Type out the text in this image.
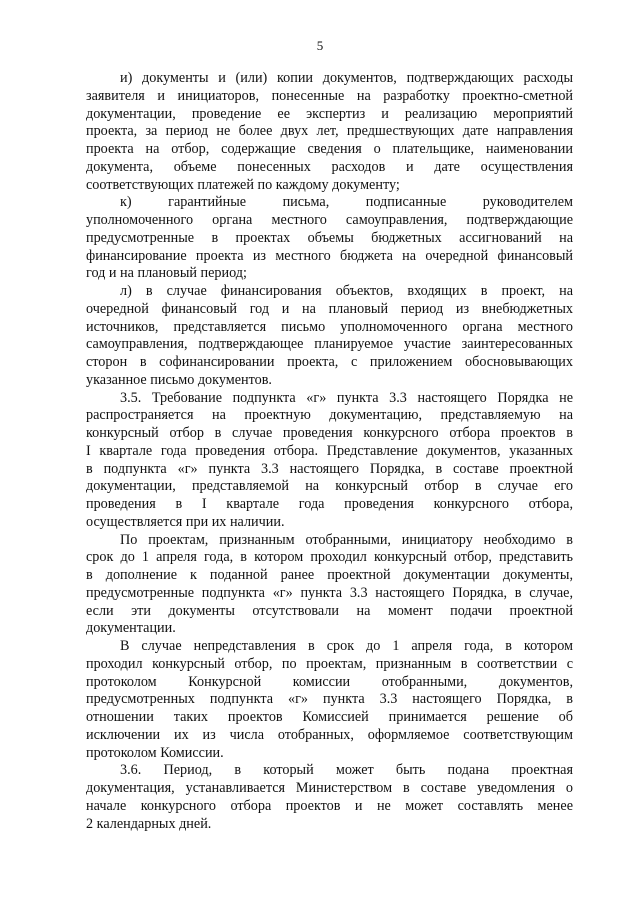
5
и) документы и (или) копии документов, подтверждающих расходы
заявителя и инициаторов, понесенные на разработку проектно-сметной
документации, проведение ее экспертиз и реализацию мероприятий
проекта, за период не более двух лет, предшествующих дате направления
проекта на отбор, содержащие сведения о плательщике, наименовании
документа, объеме понесенных расходов и дате осуществления
соответствующих платежей по каждому документу;
к) гарантийные письма, подписанные руководителем
уполномоченного органа местного самоуправления, подтверждающие
предусмотренные в проектах объемы бюджетных ассигнований на
финансирование проекта из местного бюджета на очередной финансовый
год и на плановый период;
л) в случае финансирования объектов, входящих в проект, на
очередной финансовый год и на плановый период из внебюджетных
источников, представляется письмо уполномоченного органа местного
самоуправления, подтверждающее планируемое участие заинтересованных
сторон в софинансировании проекта, с приложением обосновывающих
указанное письмо документов.
3.5. Требование подпункта «г» пункта 3.3 настоящего Порядка не
распространяется на проектную документацию, представляемую на
конкурсный отбор в случае проведения конкурсного отбора проектов в
I квартале года проведения отбора. Представление документов, указанных
в подпункта «г» пункта 3.3 настоящего Порядка, в составе проектной
документации, представляемой на конкурсный отбор в случае его
проведения в I квартале года проведения конкурсного отбора,
осуществляется при их наличии.
По проектам, признанным отобранными, инициатору необходимо в
срок до 1 апреля года, в котором проходил конкурсный отбор, представить
в дополнение к поданной ранее проектной документации документы,
предусмотренные подпункта «г» пункта 3.3 настоящего Порядка, в случае,
если эти документы отсутствовали на момент подачи проектной
документации.
В случае непредставления в срок до 1 апреля года, в котором
проходил конкурсный отбор, по проектам, признанным в соответствии с
протоколом Конкурсной комиссии отобранными, документов,
предусмотренных подпункта «г» пункта 3.3 настоящего Порядка, в
отношении таких проектов Комиссией принимается решение об
исключении их из числа отобранных, оформляемое соответствующим
протоколом Комиссии.
3.6. Период, в который может быть подана проектная
документация, устанавливается Министерством в составе уведомления о
начале конкурсного отбора проектов и не может составлять менее
2 календарных дней.
